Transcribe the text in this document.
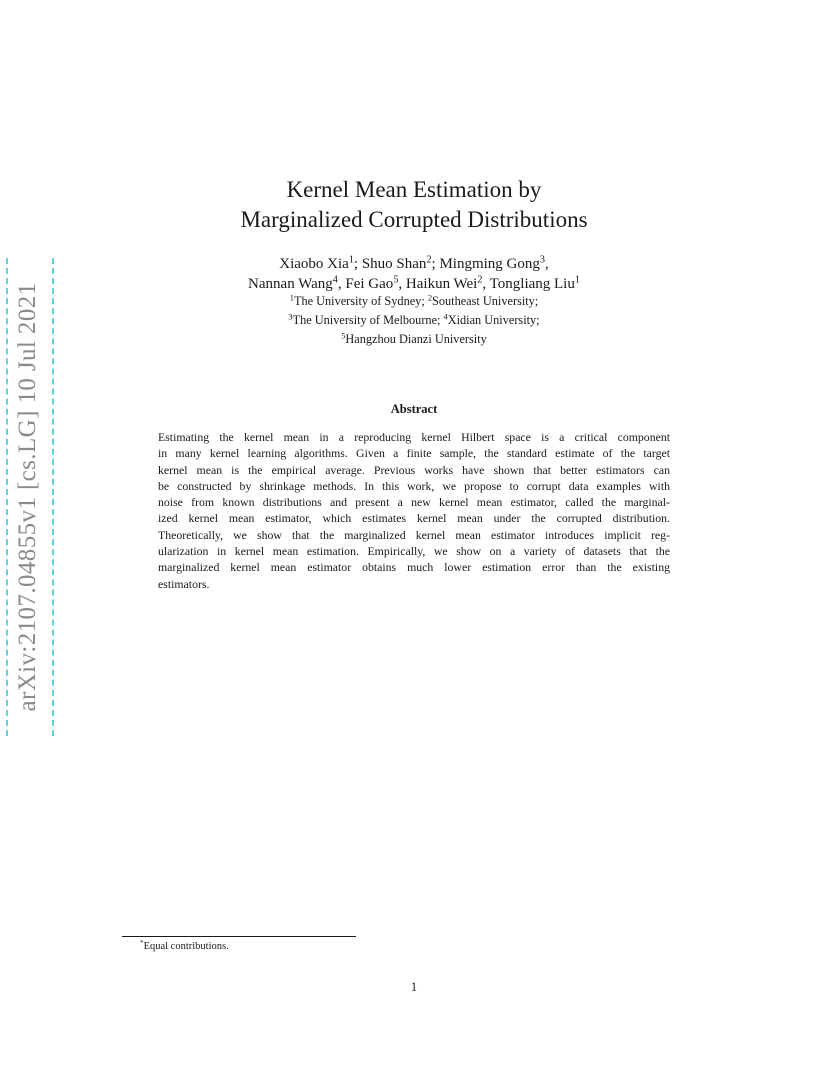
arXiv:2107.04855v1 [cs.LG] 10 Jul 2021
Kernel Mean Estimation by
Marginalized Corrupted Distributions
Xiaobo Xia$^1$; Shuo Shan$^2$; Mingming Gong$^3$,
Nannan Wang$^4$, Fei Gao$^5$, Haikun Wei$^2$, Tongliang Liu$^1$
$^1$The University of Sydney; $^2$Southeast University;
$^3$The University of Melbourne; $^4$Xidian University;
$^5$Hangzhou Dianzi University
Abstract
Estimating the kernel mean in a reproducing kernel Hilbert space is a critical component
in many kernel learning algorithms. Given a finite sample, the standard estimate of the target
kernel mean is the empirical average. Previous works have shown that better estimators can
be constructed by shrinkage methods. In this work, we propose to corrupt data examples with
noise from known distributions and present a new kernel mean estimator, called the marginal-
ized kernel mean estimator, which estimates kernel mean under the corrupted distribution.
Theoretically, we show that the marginalized kernel mean estimator introduces implicit reg-
ularization in kernel mean estimation. Empirically, we show on a variety of datasets that the
marginalized kernel mean estimator obtains much lower estimation error than the existing
estimators.
*Equal contributions.
1
